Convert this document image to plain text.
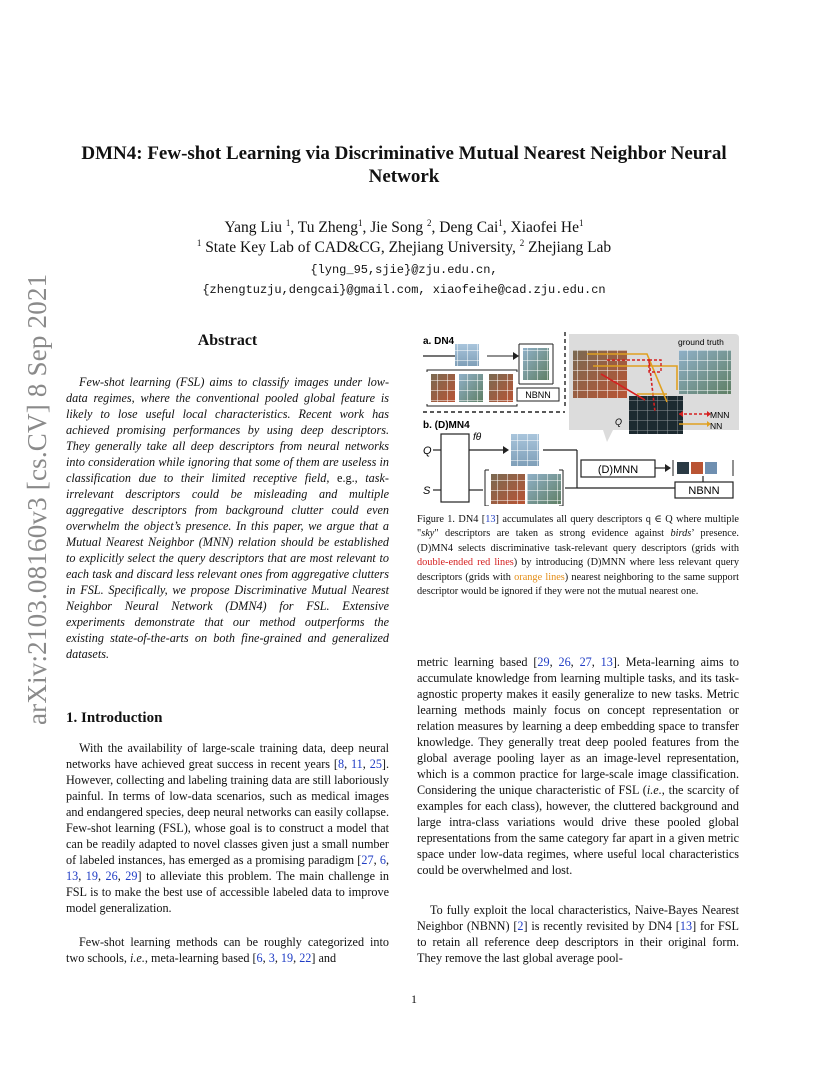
arXiv:2103.08160v3 [cs.CV] 8 Sep 2021
DMN4: Few-shot Learning via Discriminative Mutual Nearest Neighbor Neural Network
Yang Liu $^1$, Tu Zheng$^1$, Jie Song $^2$, Deng Cai$^1$, Xiaofei He$^1$
$^1$ State Key Lab of CAD&CG, Zhejiang University, $^2$ Zhejiang Lab
{lyng_95,sjie}@zju.edu.cn,
{zhengtuzju,dengcai}@gmail.com, xiaofeihe@cad.zju.edu.cn
Abstract
Few-shot learning (FSL) aims to classify images under low-data regimes, where the conventional pooled global feature is likely to lose useful local characteristics. Recent work has achieved promising performances by using deep descriptors. They generally take all deep descriptors from neural networks into consideration while ignoring that some of them are useless in classification due to their limited receptive field, e.g., task-irrelevant descriptors could be misleading and multiple aggregative descriptors from background clutter could even overwhelm the object’s presence. In this paper, we argue that a Mutual Nearest Neighbor (MNN) relation should be established to explicitly select the query descriptors that are most relevant to each task and discard less relevant ones from aggregative clutters in FSL. Specifically, we propose Discriminative Mutual Nearest Neighbor Neural Network (DMN4) for FSL. Extensive experiments demonstrate that our method outperforms the existing state-of-the-arts on both fine-grained and generalized datasets.
1. Introduction
With the availability of large-scale training data, deep neural networks have achieved great success in recent years [8, 11, 25]. However, collecting and labeling training data are still laboriously painful. In terms of low-data scenarios, such as medical images and endangered species, deep neural networks can easily collapse. Few-shot learning (FSL), whose goal is to construct a model that can be readily adapted to novel classes given just a small number of labeled instances, has emerged as a promising paradigm [27, 6, 13, 19, 26, 29] to alleviate this problem. The main challenge in FSL is to make the best use of accessible labeled data to improve model generalization.
Few-shot learning methods can be roughly categorized into two schools, i.e., meta-learning based [6, 3, 19, 22] and
a. DN4
NBNN
ground truth
Q
MNN
NN
b. (D)MN4
Q
S
fθ
(D)MNN
NBNN
Figure 1. DN4 [13] accumulates all query descriptors q ∈ Q where multiple "sky" descriptors are taken as strong evidence against birds’ presence. (D)MN4 selects discriminative task-relevant query descriptors (grids with double-ended red lines) by introducing (D)MNN where less relevant query descriptors (grids with orange lines) nearest neighboring to the same support descriptor would be ignored if they were not the mutual nearest one.
metric learning based [29, 26, 27, 13]. Meta-learning aims to accumulate knowledge from learning multiple tasks, and its task-agnostic property makes it easily generalize to new tasks. Metric learning methods mainly focus on concept representation or relation measures by learning a deep embedding space to transfer knowledge. They generally treat deep pooled features from the global average pooling layer as an image-level representation, which is a common practice for large-scale image classification. Considering the unique characteristic of FSL (i.e., the scarcity of examples for each class), however, the cluttered background and large intra-class variations would drive these pooled global representations from the same category far apart in a given metric space under low-data regimes, where useful local characteristics could be overwhelmed and lost.
To fully exploit the local characteristics, Naive-Bayes Nearest Neighbor (NBNN) [2] is recently revisited by DN4 [13] for FSL to retain all reference deep descriptors in their original form. They remove the last global average pool-
1
